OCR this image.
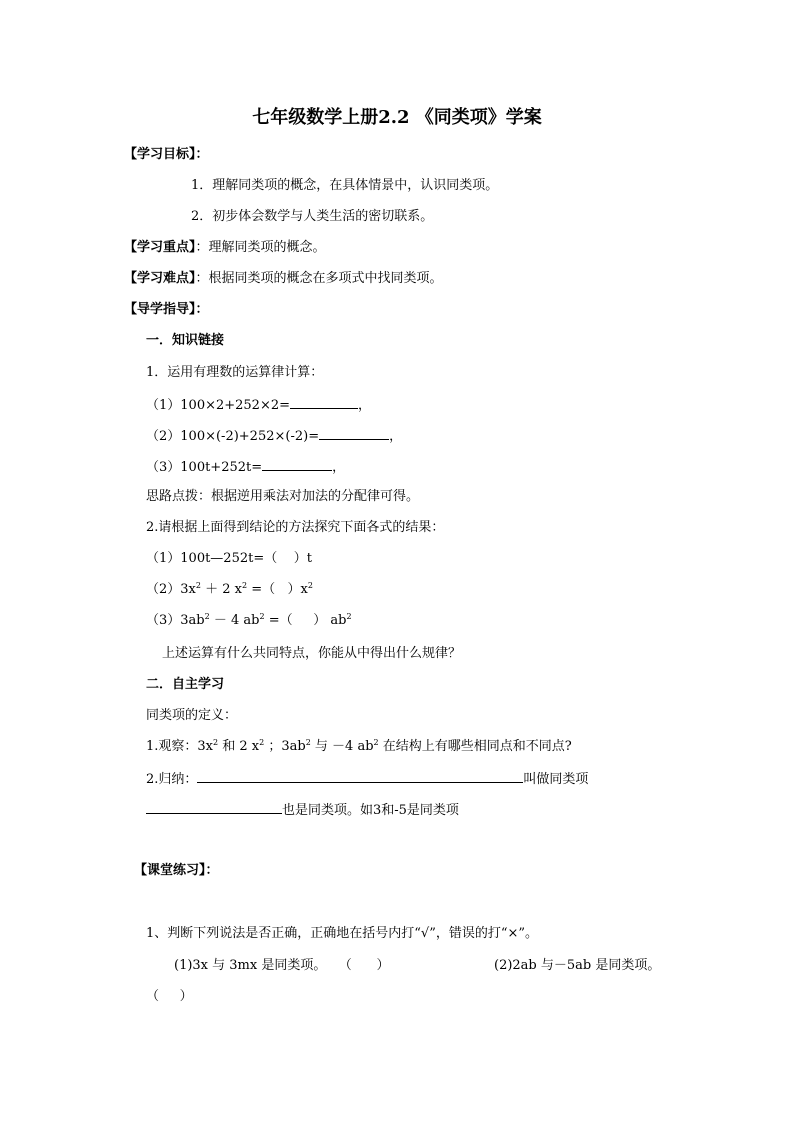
七年级数学上册2.2 《同类项》学案
【学习目标】：
1．理解同类项的概念，在具体情景中，认识同类项。
2．初步体会数学与人类生活的密切联系。
【学习重点】：理解同类项的概念。
【学习难点】：根据同类项的概念在多项式中找同类项。
【导学指导】：
一．知识链接
1．运用有理数的运算律计算：
（1）100×2+252×2=	，
（2）100×(-2)+252×(-2)=	，
（3）100t+252t=	，
思路点拨：根据逆用乘法对加法的分配律可得。
2.请根据上面得到结论的方法探究下面各式的结果：
（1）100t—252t=（    ）t
$(2)3x^2 + 2$ $x^2$ =（   ）$x^2$
$(3)3ab^2 - 4$ $ab^2$ =（     ） $ab^2$
上述运算有什么共同特点，你能从中得出什么规律？
二．自主学习
同类项的定义：
1.观察：$3x^2$ 和 2 $x^2$ ；$3ab^2$ 与 －4 $ab^2$ 在结构上有哪些相同点和不同点?
2.归纳：	叫做同类项
也是同类项。如3和-5是同类项
【课堂练习】：
1、判断下列说法是否正确，正确地在括号内打“√”，错误的打“×”。
(1)3x 与 3mx 是同类项。   （      ）	(2)2ab 与－5ab 是同类项。
（     ）
